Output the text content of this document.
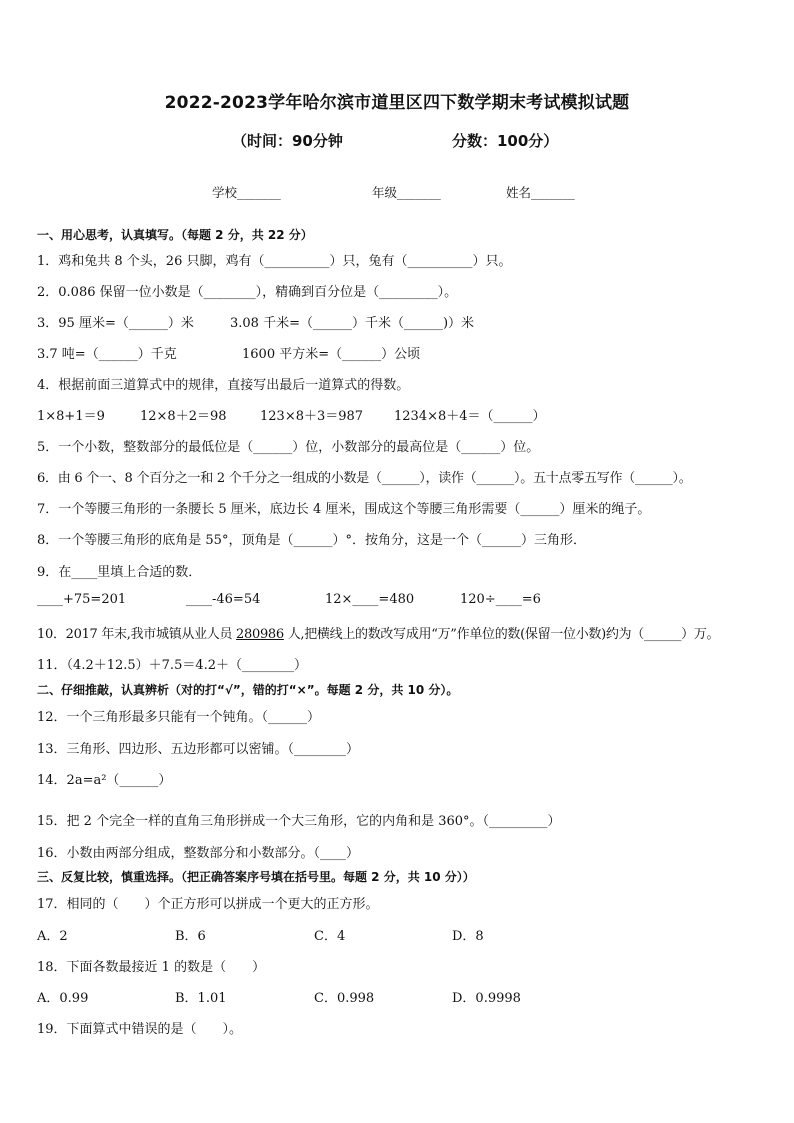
2022-2023学年哈尔滨市道里区四下数学期末考试模拟试题
（时间：90分钟	分数：100分）
学校_______	年级_______	姓名_______
一、用心思考，认真填写。（每题 2 分，共 22 分）
1．鸡和兔共 8 个头，26 只脚，鸡有（__________）只，兔有（__________）只。
2．0.086 保留一位小数是（________），精确到百分位是（_________）。
3．95 厘米=（______）米	3.08 千米=（______）千米（______)）米
3.7 吨=（______）千克	1600 平方米=（______）公顷
4．根据前面三道算式中的规律，直接写出最后一道算式的得数。
1×8+1＝9	12×8＋2＝98	123×8＋3＝987 1234×8＋4＝（______）
5．一个小数，整数部分的最低位是（______）位，小数部分的最高位是（______）位。
6．由 6 个一、8 个百分之一和 2 个千分之一组成的小数是（______），读作（______）。五十点零五写作（______）。
7．一个等腰三角形的一条腰长 5 厘米，底边长 4 厘米，围成这个等腰三角形需要（______）厘米的绳子。
8．一个等腰三角形的底角是 55°，顶角是（______）°．按角分，这是一个（______）三角形．
9．在____里填上合适的数．
____+75=201	____-46=54	12×____=480	120÷____=6
10．2017 年末,我市城镇从业人员 280986 人,把横线上的数改写成用“万”作单位的数(保留一位小数)约为（______）万。
11．（4.2＋12.5）＋7.5＝4.2＋（________）
二、仔细推敲，认真辨析（对的打“√”，错的打“×”。每题 2 分，共 10 分）。
12．一个三角形最多只能有一个钝角。（______）
13．三角形、四边形、五边形都可以密铺。（________）
14．2a=a²（______）
15．把 2 个完全一样的直角三角形拼成一个大三角形，它的内角和是 360°。（_________）
16．小数由两部分组成，整数部分和小数部分。（____）
三、反复比较，慎重选择。（把正确答案序号填在括号里。每题 2 分，共 10 分））
17．相同的（　　）个正方形可以拼成一个更大的正方形。
A．2	B．6	C．4	D．8
18．下面各数最接近 1 的数是（　　）
A．0.99	B．1.01	C．0.998	D．0.9998
19．下面算式中错误的是（　　）。
